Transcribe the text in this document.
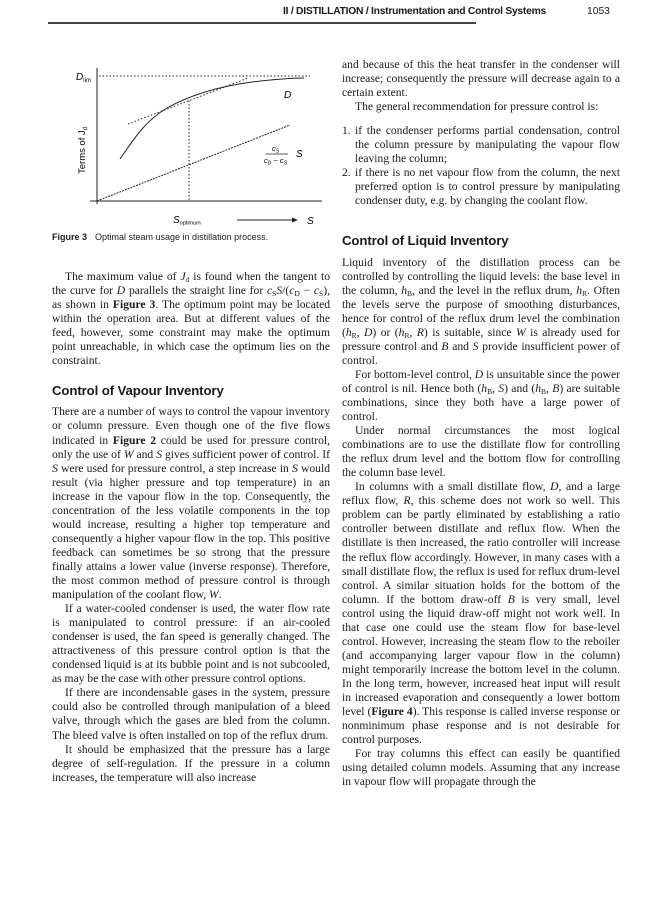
II / DISTILLATION / Instrumentation and Control Systems	1053
$D_{lim}$
D
Terms of $J_d$
$c_S$
$c_D - c_S$
S
Soptimum	S
Figure 3 Optimal steam usage in distillation process.

The maximum value of $J_d$ is found when the tangent to the curve for D parallels the straight line for $c_SS/(c_D - c_S)$, as shown in Figure 3. The optimum point may be located within the operation area. But at different values of the feed, however, some constraint may make the optimum point unreachable, in which case the optimum lies on the constraint.

Control of Vapour Inventory

There are a number of ways to control the vapour inventory or column pressure. Even though one of the five flows indicated in Figure 2 could be used for pressure control, only the use of W and S gives sufficient power of control. If S were used for pressure control, a step increase in S would result (via higher pressure and top temperature) in an increase in the vapour flow in the top. Consequently, the concentration of the less volatile components in the top would increase, resulting a higher top temperature and consequently a higher vapour flow in the top. This positive feedback can sometimes be so strong that the pressure finally attains a lower value (inverse response). Therefore, the most common method of pressure control is through manipulation of the coolant flow, W.

If a water-cooled condenser is used, the water flow rate is manipulated to control pressure: if an air-cooled condenser is used, the fan speed is generally changed. The attractiveness of this pressure control option is that the condensed liquid is at its bubble point and is not subcooled, as may be the case with other pressure control options.

If there are incondensable gases in the system, pressure could also be controlled through manipulation of a bleed valve, through which the gases are bled from the column. The bleed valve is often installed on top of the reflux drum.

It should be emphasized that the pressure has a large degree of self-regulation. If the pressure in a column increases, the temperature will also increase

and because of this the heat transfer in the condenser will increase; consequently the pressure will decrease again to a certain extent.

The general recommendation for pressure control is:

1. if the condenser performs partial condensation, control the column pressure by manipulating the vapour flow leaving the column;
2. if there is no net vapour flow from the column, the next preferred option is to control pressure by manipulating condenser duty, e.g. by changing the coolant flow.
Control of Liquid Inventory

Liquid inventory of the distillation process can be controlled by controlling the liquid levels: the base level in the column, $h_B$, and the level in the reflux drum, $h_R$. Often the levels serve the purpose of smoothing disturbances, hence for control of the reflux drum level the combination ($h_R$, D) or ($h_R$, R) is suitable, since W is already used for pressure control and B and S provide insufficient power of control.

For bottom-level control, D is unsuitable since the power of control is nil. Hence both ($h_B$, S) and ($h_B$, B) are suitable combinations, since they both have a large power of control.

Under normal circumstances the most logical combinations are to use the distillate flow for controlling the reflux drum level and the bottom flow for controlling the column base level.

In columns with a small distillate flow, D, and a large reflux flow, R, this scheme does not work so well. This problem can be partly eliminated by establishing a ratio controller between distillate and reflux flow. When the distillate is then increased, the ratio controller will increase the reflux flow accordingly. However, in many cases with a small distillate flow, the reflux is used for reflux drum-level control. A similar situation holds for the bottom of the column. If the bottom draw-off B is very small, level control using the liquid draw-off might not work well. In that case one could use the steam flow for base-level control. However, increasing the steam flow to the reboiler (and accompanying larger vapour flow in the column) might temporarily increase the bottom level in the column. In the long term, however, increased heat input will result in increased evaporation and consequently a lower bottom level (Figure 4). This response is called inverse response or nonminimum phase response and is not desirable for control purposes.

For tray columns this effect can easily be quantified using detailed column models. Assuming that any increase in vapour flow will propagate through the
